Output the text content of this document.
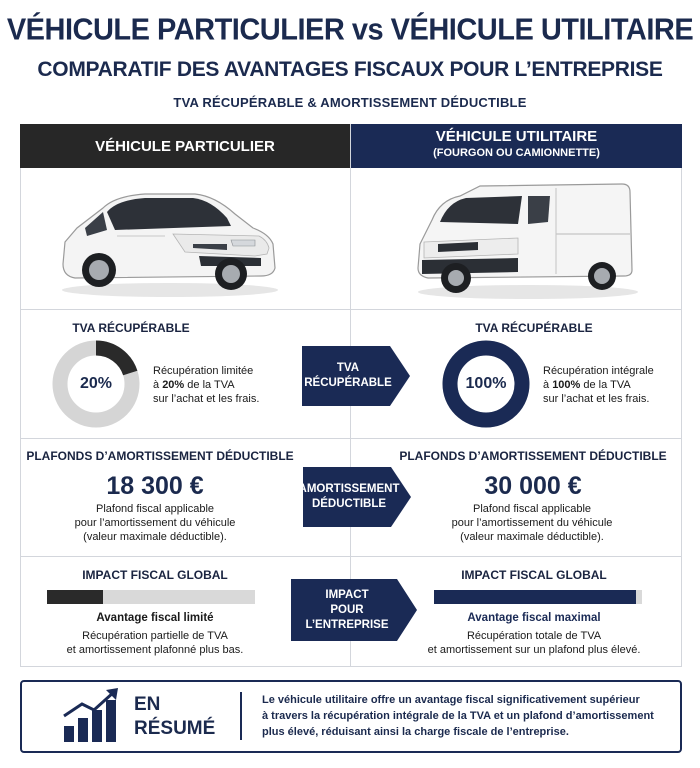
VÉHICULE PARTICULIER vs VÉHICULE UTILITAIRE
COMPARATIF DES AVANTAGES FISCAUX POUR L’ENTREPRISE
TVA RÉCUPÉRABLE & AMORTISSEMENT DÉDUCTIBLE
VÉHICULE PARTICULIER
VÉHICULE UTILITAIRE
(FOURGON OU CAMIONNETTE)
TVA RÉCUPÉRABLE	TVA RÉCUPÉRABLE
20%	100%
Récupération limitée
à 20% de la TVA
sur l’achat et les frais.
Récupération intégrale
à 100% de la TVA
sur l’achat et les frais.
TVA
RÉCUPÉRABLE
PLAFONDS D’AMORTISSEMENT DÉDUCTIBLE	PLAFONDS D’AMORTISSEMENT DÉDUCTIBLE
18 300 €	30 000 €
Plafond fiscal applicable
pour l’amortissement du véhicule
(valeur maximale déductible).
Plafond fiscal applicable
pour l’amortissement du véhicule
(valeur maximale déductible).
AMORTISSEMENT
DÉDUCTIBLE
IMPACT FISCAL GLOBAL	IMPACT FISCAL GLOBAL
Avantage fiscal limité	Avantage fiscal maximal
Récupération partielle de TVA
et amortissement plafonné plus bas.
Récupération totale de TVA
et amortissement sur un plafond plus élevé.
IMPACT
POUR L’ENTREPRISE
EN
RÉSUMÉ
Le véhicule utilitaire offre un avantage fiscal significativement supérieur
à travers la récupération intégrale de la TVA et un plafond d’amortissement
plus élevé, réduisant ainsi la charge fiscale de l’entreprise.
